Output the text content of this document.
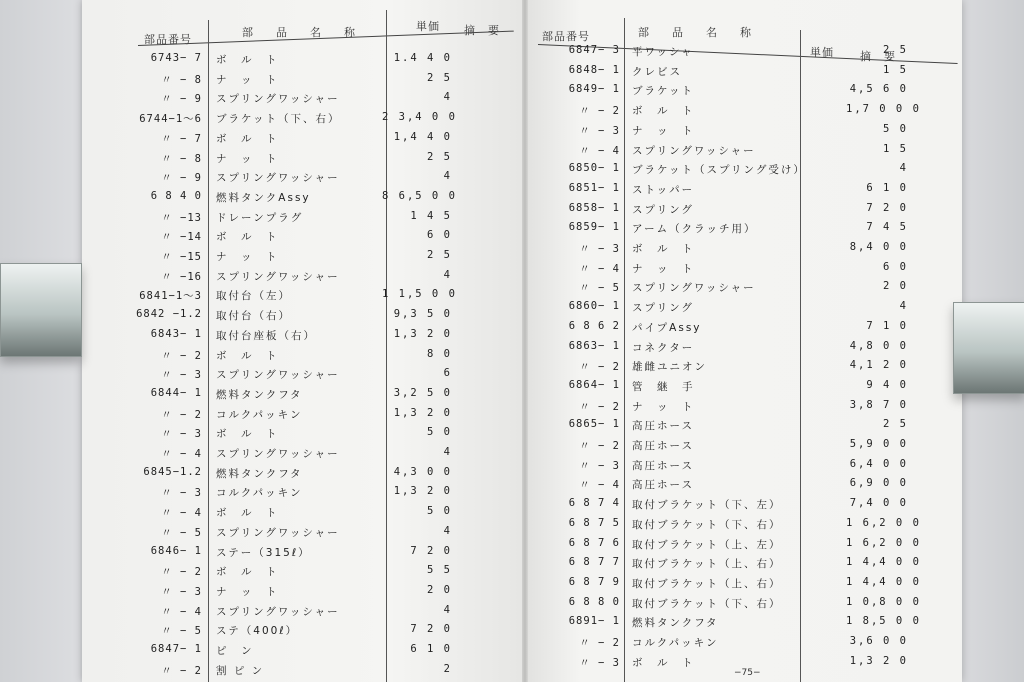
部品番号
部　品　名　称	単価 摘　要
6743− 7 ボ　ル　ト	1.4 4 0
〃 − 8 ナ　ッ　ト	2 5
〃 − 9 スプリングワッシャー	4
6744−1〜6 ブラケット（下、右）	2 3,4 0 0
〃 − 7 ボ　ル　ト	1,4 4 0
〃 − 8 ナ　ッ　ト	2 5
〃 − 9 スプリングワッシャー	4
6 8 4 0 燃料タンクAssy	8 6,5 0 0
〃 −13 ドレーンプラグ	1 4 5
〃 −14 ボ　ル　ト	6 0
〃 −15 ナ　ッ　ト	2 5
〃 −16 スプリングワッシャー	4
6841−1〜3 取付台（左）	1 1,5 0 0
6842 −1.2 取付台（右）	9,3 5 0
6843− 1 取付台座板（右）	1,3 2 0
〃 − 2 ボ　ル　ト	8 0
〃 − 3 スプリングワッシャー	6
6844− 1 燃料タンクフタ	3,2 5 0
〃 − 2 コルクパッキン	1,3 2 0
〃 − 3 ボ　ル　ト	5 0
〃 − 4 スプリングワッシャー	4
6845−1.2 燃料タンクフタ	4,3 0 0
〃 − 3 コルクパッキン	1,3 2 0
〃 − 4 ボ　ル　ト	5 0
〃 − 5 スプリングワッシャー	4
6846− 1 ステー（315ℓ）	7 2 0
〃 − 2 ボ　ル　ト	5 5
〃 − 3 ナ　ッ　ト	2 0
〃 − 4 スプリングワッシャー	4
〃 − 5 ステ（400ℓ）	7 2 0
6847− 1 ピ　ン	6 1 0
〃 − 2 割 ピ ン	2
部品番号	部　品　名　称
単価 摘　要
6847− 3 平ワッシャ	2 5
6848− 1 クレビス	1 5
6849− 1 ブラケット	4,5 6 0
〃 − 2 ボ　ル　ト	1,7 0 0 0
〃 − 3 ナ　ッ　ト	5 0
〃 − 4 スプリングワッシャー	1 5
6850− 1 ブラケット（スプリング受け）	4
6851− 1 ストッパー	6 1 0
6858− 1 スプリング	7 2 0
6859− 1 アーム（クラッチ用）	7 4 5
〃 − 3 ボ　ル　ト	8,4 0 0
〃 − 4 ナ　ッ　ト	6 0
〃 − 5 スプリングワッシャー	2 0
6860− 1 スプリング	4
6 8 6 2 パイプAssy	7 1 0
6863− 1 コネクター	4,8 0 0
〃 − 2 雄雌ユニオン	4,1 2 0
6864− 1 管　継　手	9 4 0
〃 − 2 ナ　ッ　ト	3,8 7 0
6865− 1 高圧ホース	2 5
〃 − 2 高圧ホース	5,9 0 0
〃 − 3 高圧ホース	6,4 0 0
〃 − 4 高圧ホース	6,9 0 0
6 8 7 4 取付ブラケット（下、左）	7,4 0 0
6 8 7 5 取付ブラケット（下、右）	1 6,2 0 0
6 8 7 6 取付ブラケット（上、左）	1 6,2 0 0
6 8 7 7 取付ブラケット（上、右）	1 4,4 0 0
6 8 7 9 取付ブラケット（上、右）	1 4,4 0 0
6 8 8 0 取付ブラケット（下、右）	1 0,8 0 0
6891− 1 燃料タンクフタ	1 8,5 0 0
〃 − 2 コルクパッキン	3,6 0 0
〃 − 3 ボ　ル　ト	1,3 2 0
−75−
